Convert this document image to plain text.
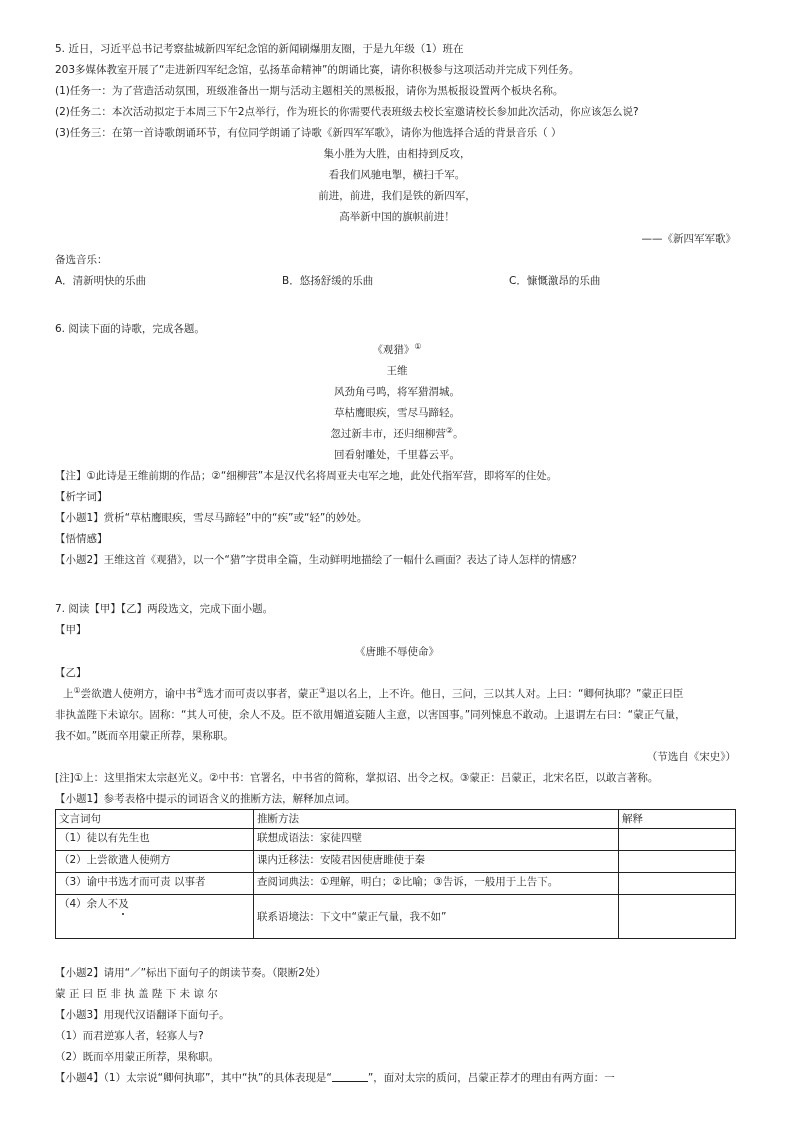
5. 近日，习近平总书记考察盐城新四军纪念馆的新闻刷爆朋友圈，于是九年级（1）班在
203多媒体教室开展了“走进新四军纪念馆，弘扬革命精神”的朗诵比赛，请你积极参与这项活动并完成下列任务。
(1)任务一：为了营造活动氛围，班级准备出一期与活动主题相关的黑板报，请你为黑板报设置两个板块名称。
(2)任务二：本次活动拟定于本周三下午2点举行，作为班长的你需要代表班级去校长室邀请校长参加此次活动，你应该怎么说?
(3)任务三：在第一首诗歌朗诵环节，有位同学朗诵了诗歌《新四军军歌》，请你为他选择合适的背景音乐（ ）
集小胜为大胜，由相持到反攻，
看我们风驰电掣，横扫千军。
前进，前进，我们是铁的新四军，
高举新中国的旗帜前进！
——《新四军军歌》
备选音乐：
A．清新明快的乐曲	B．悠扬舒缓的乐曲	C．慷慨激昂的乐曲
6. 阅读下面的诗歌，完成各题。
《观猎》①
王维
风劲角弓鸣，将军猎渭城。
草枯鹰眼疾，雪尽马蹄轻。
忽过新丰市，还归细柳营②。
回看射雕处，千里暮云平。
【注】①此诗是王维前期的作品；②“细柳营”本是汉代名将周亚夫屯军之地，此处代指军营，即将军的住处。
【析字词】
【小题1】赏析“草枯鹰眼疾，雪尽马蹄轻”中的“疾”或“轻”的妙处。
【悟情感】
【小题2】王维这首《观猎》，以一个“猎”字贯串全篇，生动鲜明地描绘了一幅什么画面？表达了诗人怎样的情感？
7. 阅读【甲】【乙】两段选文，完成下面小题。
【甲】
《唐雎不辱使命》
【乙】
上①尝欲遣人使朔方，谕中书②选才而可责以事者，蒙正③退以名上，上不许。他日，三问，三以其人对。上曰：“卿何执耶？”蒙正曰臣
非执盖陛下未谅尔。固称：“其人可使，余人不及。臣不欲用媚道妄随人主意，以害国事。”同列悚息不敢动。上退谓左右曰：“蒙正气量，
我不如。”既而卒用蒙正所荐，果称职。
（节选自《宋史》）
[注]①上：这里指宋太宗赵光义。②中书：官署名，中书省的简称，掌拟诏、出令之权。③蒙正：吕蒙正，北宋名臣，以敢言著称。
【小题1】参考表格中提示的词语含义的推断方法，解释加点词。
文言词句	推断方法	解释
（1）徒以有先生也	联想成语法：家徒四壁	
（2）上尝欲遣人使朔方	课内迁移法：安陵君因使唐雎使于秦	
（3）谕中书选才而可责 以事者	查阅词典法：①理解，明白；②比喻；③告诉，一般用于上告下。	
（4）余人不及	联系语境法：下文中“蒙正气量，我不如”	
【小题2】请用“／”标出下面句子的朗读节奏。（限断2处）
蒙 正 曰 臣 非 执 盖 陛 下 未 谅 尔
【小题3】用现代汉语翻译下面句子。
（1）而君逆寡人者，轻寡人与?
（2）既而卒用蒙正所荐，果称职。
【小题4】（1）太宗说“卿何执耶”，其中“执”的具体表现是“	”，面对太宗的质问，吕蒙正荐才的理由有两方面：一
